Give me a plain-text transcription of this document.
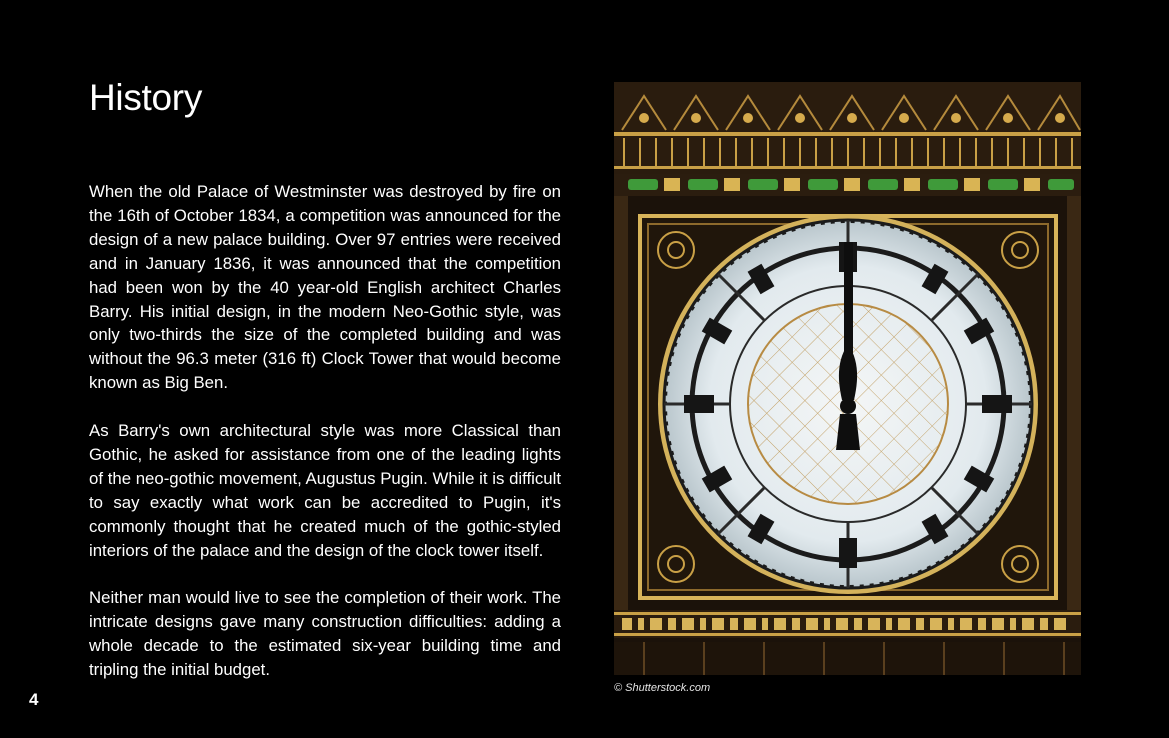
History

When the old Palace of Westminster was destroyed by fire on the 16th of October 1834, a competition was announced for the design of a new palace building. Over 97 entries were received and in January 1836, it was announced that the competition had been won by the 40 year-old English architect Charles Barry. His initial design, in the modern Neo-Gothic style, was only two-thirds the size of the completed building and was without the 96.3 meter (316 ft) Clock Tower that would become known as Big Ben.

As Barry's own architectural style was more Classical than Gothic, he asked for assistance from one of the leading lights of the neo-gothic movement, Augustus Pugin. While it is difficult to say exactly what work can be accredited to Pugin, it's commonly thought that he created much of the gothic-styled interiors of the palace and the design of the clock tower itself.

Neither man would live to see the completion of their work. The intricate designs gave many construction difficulties: adding a whole decade to the estimated six-year building time and tripling the initial budget.

4
© Shutterstock.com
